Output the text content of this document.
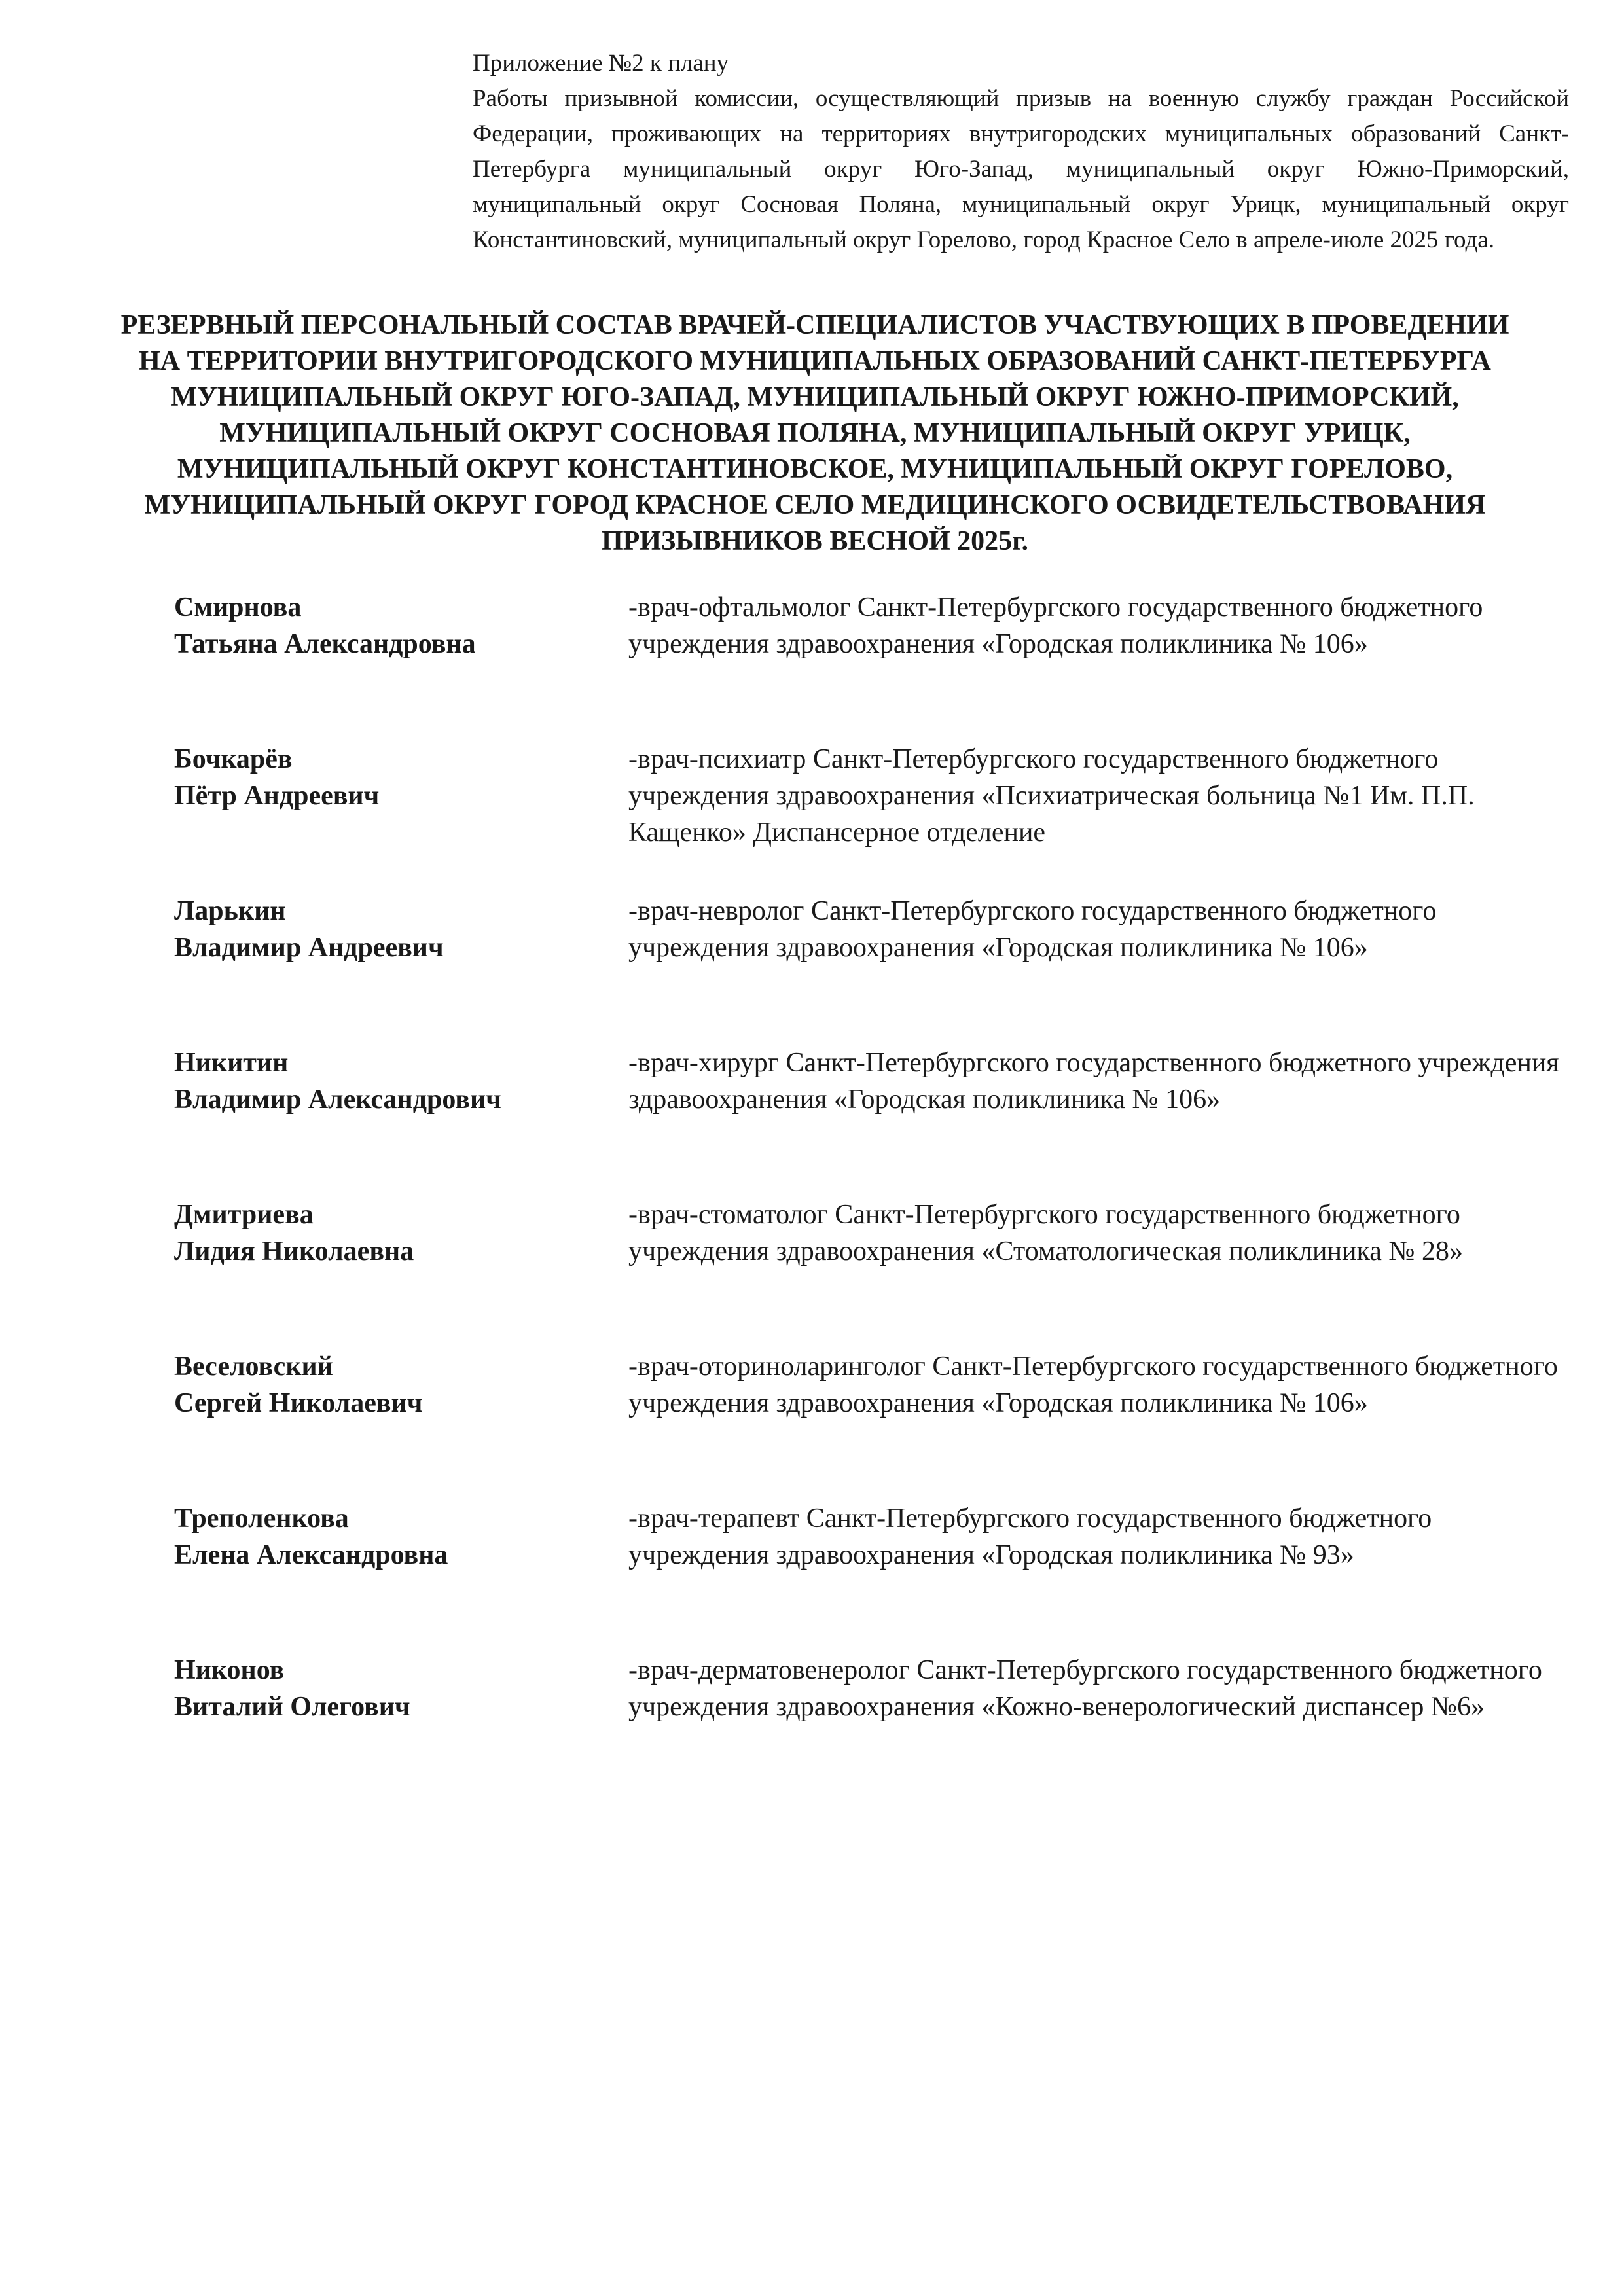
Приложение №2 к плану
Работы призывной комиссии, осуществляющий призыв на военную службу граждан Российской Федерации, проживающих на территориях внутригородских муниципальных образований Санкт-Петербурга муниципальный округ Юго-Запад, муниципальный округ Южно-Приморский, муниципальный округ Сосновая Поляна, муниципальный округ Урицк, муниципальный округ Константиновский, муниципальный округ Горелово, город Красное Село в апреле-июле 2025 года.
РЕЗЕРВНЫЙ ПЕРСОНАЛЬНЫЙ СОСТАВ ВРАЧЕЙ-СПЕЦИАЛИСТОВ УЧАСТВУЮЩИХ В ПРОВЕДЕНИИ НА ТЕРРИТОРИИ ВНУТРИГОРОДСКОГО МУНИЦИПАЛЬНЫХ ОБРАЗОВАНИЙ САНКТ-ПЕТЕРБУРГА МУНИЦИПАЛЬНЫЙ ОКРУГ ЮГО-ЗАПАД, МУНИЦИПАЛЬНЫЙ ОКРУГ ЮЖНО-ПРИМОРСКИЙ, МУНИЦИПАЛЬНЫЙ ОКРУГ СОСНОВАЯ ПОЛЯНА, МУНИЦИПАЛЬНЫЙ ОКРУГ УРИЦК, МУНИЦИПАЛЬНЫЙ ОКРУГ КОНСТАНТИНОВСКОЕ, МУНИЦИПАЛЬНЫЙ ОКРУГ ГОРЕЛОВО, МУНИЦИПАЛЬНЫЙ ОКРУГ ГОРОД КРАСНОЕ СЕЛО МЕДИЦИНСКОГО ОСВИДЕТЕЛЬСТВОВАНИЯ ПРИЗЫВНИКОВ ВЕСНОЙ 2025г.
Смирнова
Татьяна Александровна
-врач-офтальмолог Санкт-Петербургского государственного бюджетного учреждения здравоохранения «Городская поликлиника № 106»
Бочкарёв
Пётр Андреевич
-врач-психиатр Санкт-Петербургского государственного бюджетного учреждения здравоохранения «Психиатрическая больница №1 Им. П.П. Кащенко» Диспансерное отделение
Ларькин
Владимир Андреевич
-врач-невролог Санкт-Петербургского государственного бюджетного учреждения здравоохранения «Городская поликлиника № 106»
Никитин
Владимир Александрович
-врач-хирург Санкт-Петербургского государственного бюджетного учреждения здравоохранения «Городская поликлиника № 106»
Дмитриева
Лидия Николаевна
-врач-стоматолог Санкт-Петербургского государственного бюджетного учреждения здравоохранения «Стоматологическая поликлиника № 28»
Веселовский
Сергей Николаевич
-врач-оториноларинголог Санкт-Петербургского государственного бюджетного учреждения здравоохранения «Городская поликлиника № 106»
Треполенкова
Елена Александровна
-врач-терапевт Санкт-Петербургского государственного бюджетного учреждения здравоохранения «Городская поликлиника № 93»
Никонов
Виталий Олегович
-врач-дерматовенеролог Санкт-Петербургского государственного бюджетного учреждения здравоохранения «Кожно-венерологический диспансер №6»
